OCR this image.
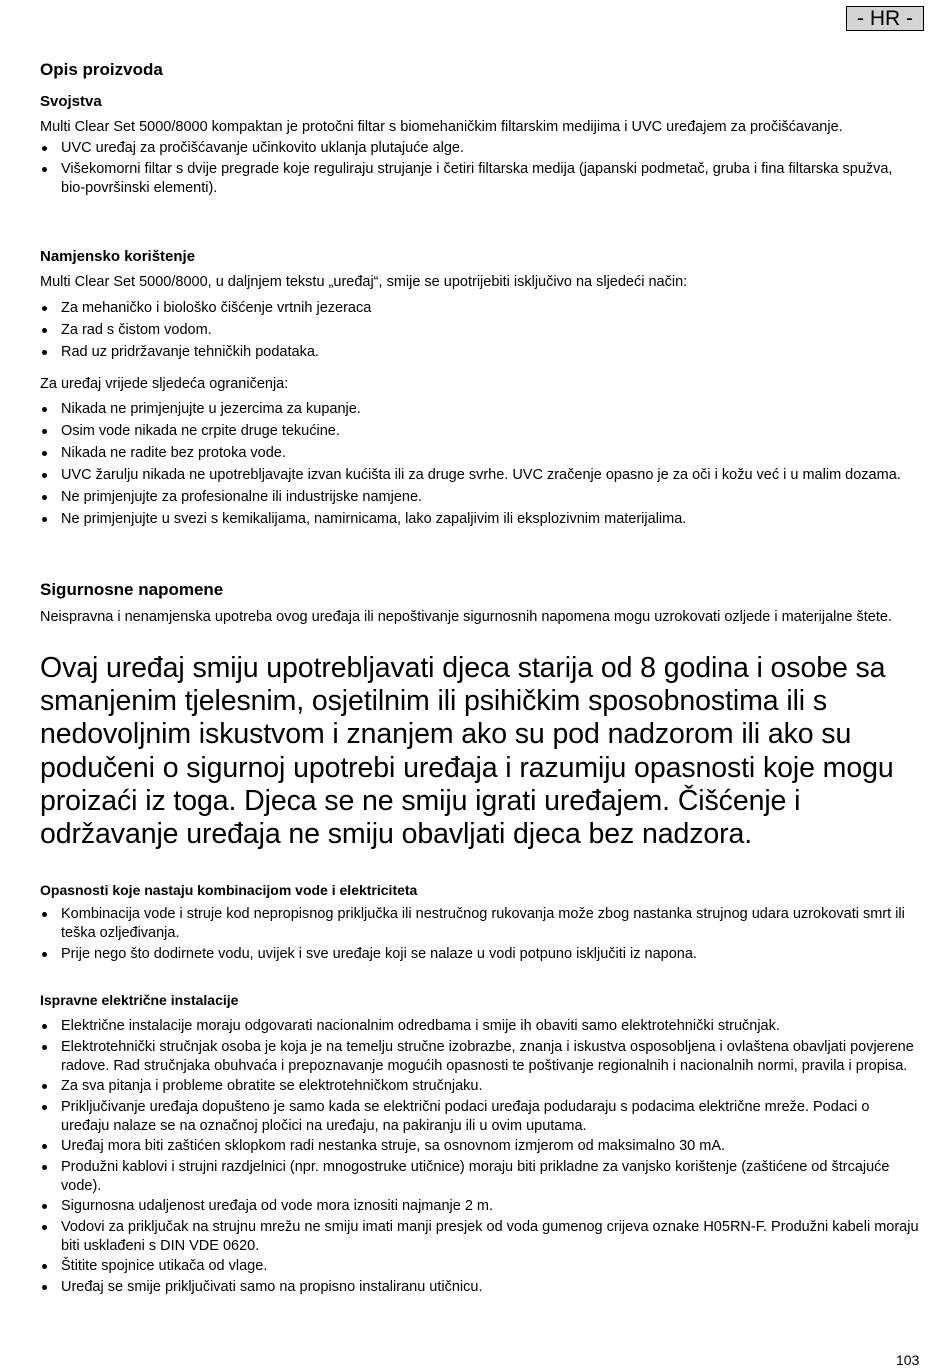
- HR -
Opis proizvoda
Svojstva

Multi Clear Set 5000/8000 kompaktan je protočni filtar s biomehaničkim filtarskim medijima i UVC uređajem za pročišćavanje.

UVC uređaj za pročišćavanje učinkovito uklanja plutajuće alge.
Višekomorni filtar s dvije pregrade koje reguliraju strujanje i četiri filtarska medija (japanski podmetač, gruba i fina filtarska spužva, bio-površinski elementi).
Namjensko korištenje

Multi Clear Set 5000/8000, u daljnjem tekstu „uređaj“, smije se upotrijebiti isključivo na sljedeći način:

Za mehaničko i biološko čišćenje vrtnih jezeraca
Za rad s čistom vodom.
Rad uz pridržavanje tehničkih podataka.

Za uređaj vrijede sljedeća ograničenja:

Nikada ne primjenjujte u jezercima za kupanje.
Osim vode nikada ne crpite druge tekućine.
Nikada ne radite bez protoka vode.
UVC žarulju nikada ne upotrebljavajte izvan kućišta ili za druge svrhe. UVC zračenje opasno je za oči i kožu već i u malim dozama.
Ne primjenjujte za profesionalne ili industrijske namjene.
Ne primjenjujte u svezi s kemikalijama, namirnicama, lako zapaljivim ili eksplozivnim materijalima.
Sigurnosne napomene

Neispravna i nenamjenska upotreba ovog uređaja ili nepoštivanje sigurnosnih napomena mogu uzrokovati ozljede i materijalne štete.

Ovaj uređaj smiju upotrebljavati djeca starija od 8 godina i osobe sa smanjenim tjelesnim, osjetilnim ili psihičkim sposobnostima ili s nedovoljnim iskustvom i znanjem ako su pod nadzorom ili ako su podučeni o sigurnoj upotrebi uređaja i razumiju opasnosti koje mogu proizaći iz toga. Djeca se ne smiju igrati uređajem. Čišćenje i održavanje uređaja ne smiju obavljati djeca bez nadzora.

Opasnosti koje nastaju kombinacijom vode i elektriciteta
Kombinacija vode i struje kod nepropisnog priključka ili nestručnog rukovanja može zbog nastanka strujnog udara uzrokovati smrt ili teška ozljeđivanja.
Prije nego što dodirnete vodu, uvijek i sve uređaje koji se nalaze u vodi potpuno isključiti iz napona.
Ispravne električne instalacije
Električne instalacije moraju odgovarati nacionalnim odredbama i smije ih obaviti samo elektrotehnički stručnjak.
Elektrotehnički stručnjak osoba je koja je na temelju stručne izobrazbe, znanja i iskustva osposobljena i ovlaštena obavljati povjerene radove. Rad stručnjaka obuhvaća i prepoznavanje mogućih opasnosti te poštivanje regionalnih i nacionalnih normi, pravila i propisa.
Za sva pitanja i probleme obratite se elektrotehničkom stručnjaku.
Priključivanje uređaja dopušteno je samo kada se električni podaci uređaja podudaraju s podacima električne mreže. Podaci o uređaju nalaze se na označnoj pločici na uređaju, na pakiranju ili u ovim uputama.
Uređaj mora biti zaštićen sklopkom radi nestanka struje, sa osnovnom izmjerom od maksimalno 30 mA.
Produžni kablovi i strujni razdjelnici (npr. mnogostruke utičnice) moraju biti prikladne za vanjsko korištenje (zaštićene od štrcajuće vode).
Sigurnosna udaljenost uređaja od vode mora iznositi najmanje 2 m.
Vodovi za priključak na strujnu mrežu ne smiju imati manji presjek od voda gumenog crijeva oznake H05RN-F. Produžni kabeli moraju biti usklađeni s DIN VDE 0620.
Štitite spojnice utikača od vlage.
Uređaj se smije priključivati samo na propisno instaliranu utičnicu.
103
